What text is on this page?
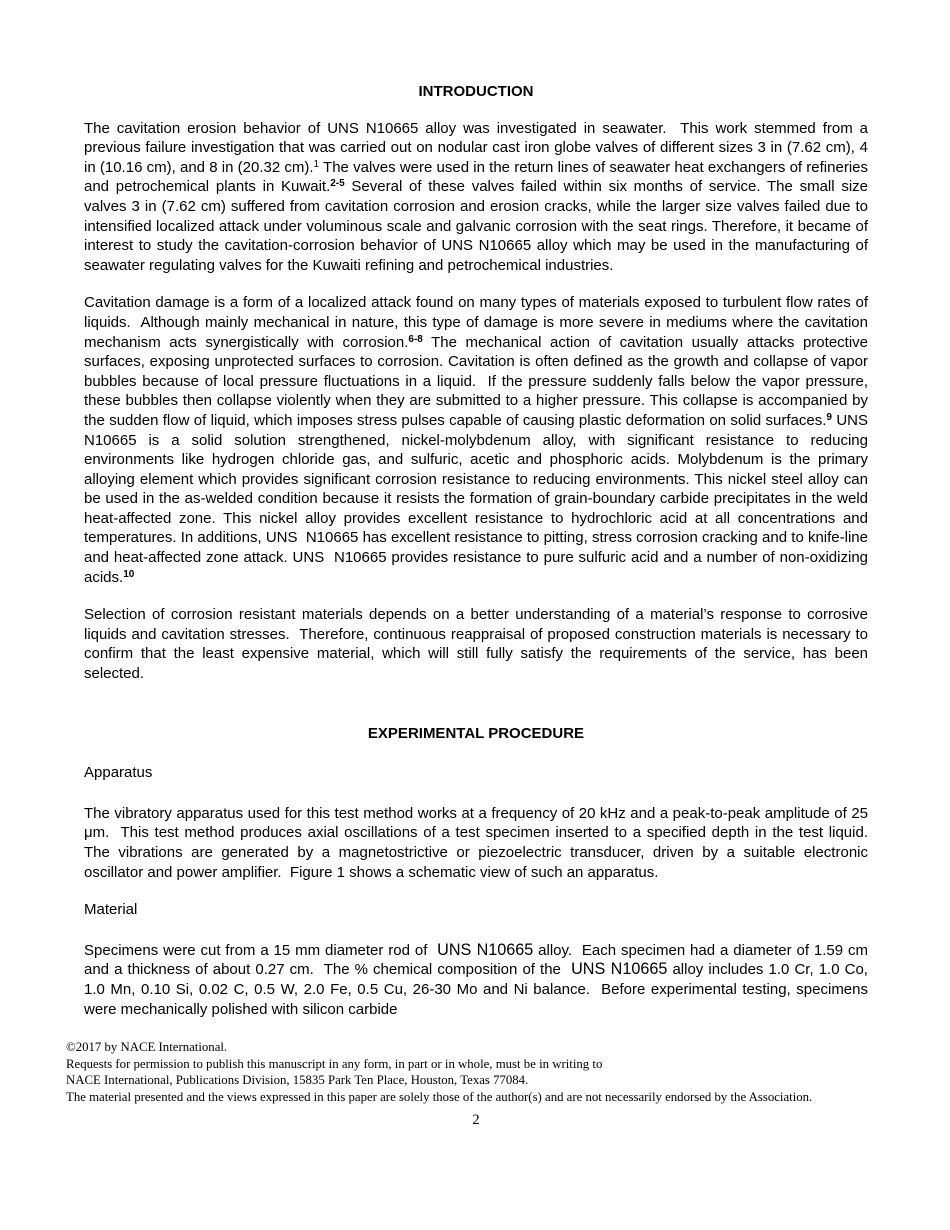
INTRODUCTION

The cavitation erosion behavior of UNS N10665 alloy was investigated in seawater.  This work stemmed from a previous failure investigation that was carried out on nodular cast iron globe valves of different sizes 3 in (7.62 cm), 4 in (10.16 cm), and 8 in (20.32 cm).$^1$ The valves were used in the return lines of seawater heat exchangers of refineries and petrochemical plants in Kuwait.$^{2-5}$ Several of these valves failed within six months of service. The small size valves 3 in (7.62 cm) suffered from cavitation corrosion and erosion cracks, while the larger size valves failed due to intensified localized attack under voluminous scale and galvanic corrosion with the seat rings. Therefore, it became of interest to study the cavitation-corrosion behavior of UNS N10665 alloy which may be used in the manufacturing of seawater regulating valves for the Kuwaiti refining and petrochemical industries.

Cavitation damage is a form of a localized attack found on many types of materials exposed to turbulent flow rates of liquids.  Although mainly mechanical in nature, this type of damage is more severe in mediums where the cavitation mechanism acts synergistically with corrosion.$^{6-8}$ The mechanical action of cavitation usually attacks protective surfaces, exposing unprotected surfaces to corrosion. Cavitation is often defined as the growth and collapse of vapor bubbles because of local pressure fluctuations in a liquid.  If the pressure suddenly falls below the vapor pressure, these bubbles then collapse violently when they are submitted to a higher pressure. This collapse is accompanied by the sudden flow of liquid, which imposes stress pulses capable of causing plastic deformation on solid surfaces.$^9$ UNS  N10665 is a solid solution strengthened, nickel-molybdenum alloy, with significant resistance to reducing environments like hydrogen chloride gas, and sulfuric, acetic and phosphoric acids. Molybdenum is the primary alloying element which provides significant corrosion resistance to reducing environments. This nickel steel alloy can be used in the as-welded condition because it resists the formation of grain-boundary carbide precipitates in the weld heat-affected zone. This nickel alloy provides excellent resistance to hydrochloric acid at all concentrations and temperatures. In additions, UNS  N10665 has excellent resistance to pitting, stress corrosion cracking and to knife-line and heat-affected zone attack. UNS  N10665 provides resistance to pure sulfuric acid and a number of non-oxidizing acids.$^{10}$

Selection of corrosion resistant materials depends on a better understanding of a material’s response to corrosive liquids and cavitation stresses.  Therefore, continuous reappraisal of proposed construction materials is necessary to confirm that the least expensive material, which will still fully satisfy the requirements of the service, has been selected.

EXPERIMENTAL PROCEDURE

Apparatus

The vibratory apparatus used for this test method works at a frequency of 20 kHz and a peak-to-peak amplitude of 25 μm.  This test method produces axial oscillations of a test specimen inserted to a specified depth in the test liquid.  The vibrations are generated by a magnetostrictive or piezoelectric transducer, driven by a suitable electronic oscillator and power amplifier.  Figure 1 shows a schematic view of such an apparatus.

Material

Specimens were cut from a 15 mm diameter rod of  UNS N10665 alloy.  Each specimen had a diameter of 1.59 cm and a thickness of about 0.27 cm.  The % chemical composition of the  UNS N10665 alloy includes 1.0 Cr, 1.0 Co, 1.0 Mn, 0.10 Si, 0.02 C, 0.5 W, 2.0 Fe, 0.5 Cu, 26-30 Mo and Ni balance.  Before experimental testing, specimens were mechanically polished with silicon carbide

©2017 by NACE International.
Requests for permission to publish this manuscript in any form, in part or in whole, must be in writing to
NACE International, Publications Division, 15835 Park Ten Place, Houston, Texas 77084.
The material presented and the views expressed in this paper are solely those of the author(s) and are not necessarily endorsed by the Association.
2
